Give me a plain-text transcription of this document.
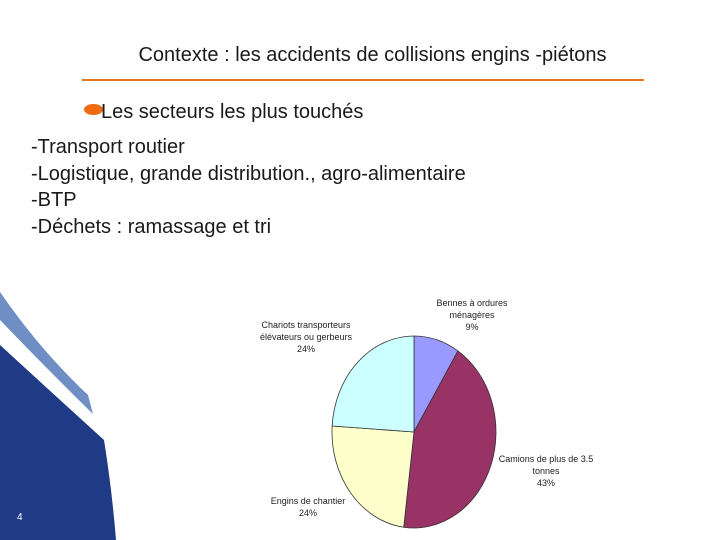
Contexte : les accidents de collisions engins -piétons
Les secteurs les plus touchés
-Transport routier
-Logistique, grande distribution., agro-alimentaire
-BTP
-Déchets : ramassage et tri
Bennes à ordures ménagères 9%
Camions de plus de 3.5 tonnes 43%
Engins de chantier 24%
Chariots transporteurs élévateurs ou gerbeurs 24%
4
